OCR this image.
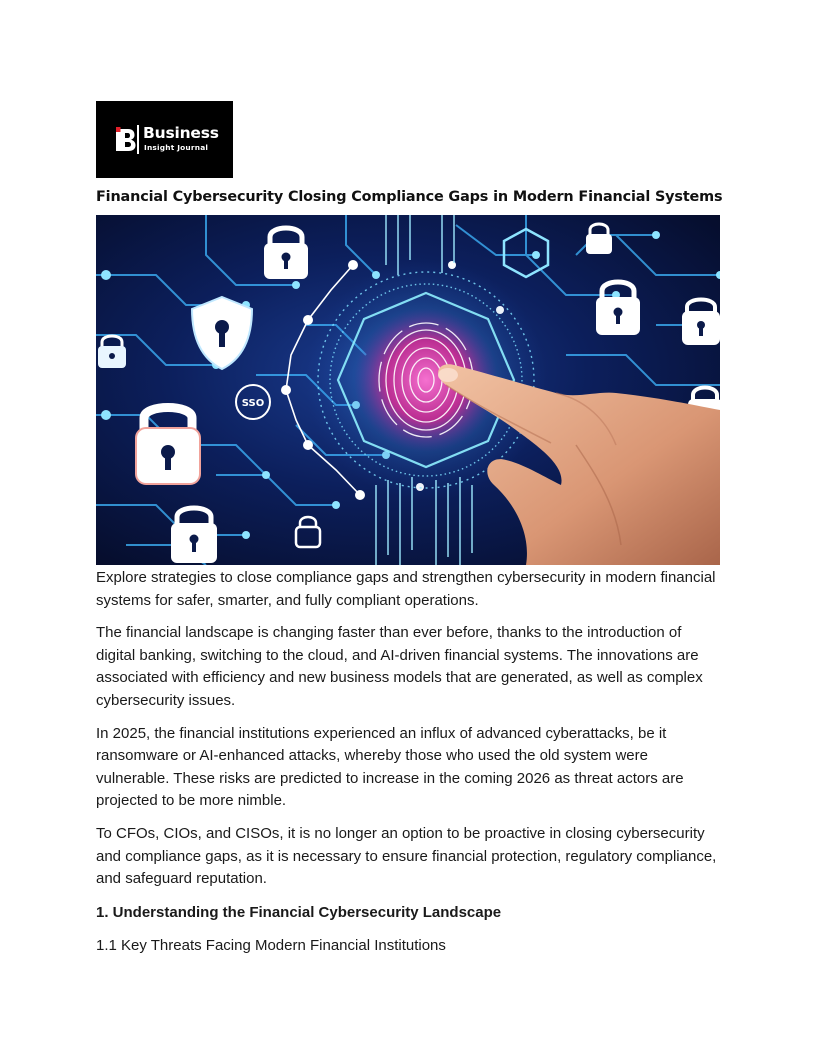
Business
Insight Journal
Financial Cybersecurity Closing Compliance Gaps in Modern Financial Systems
SSO

Explore strategies to close compliance gaps and strengthen cybersecurity in modern financial systems for safer, smarter, and fully compliant operations.

The financial landscape is changing faster than ever before, thanks to the introduction of digital banking, switching to the cloud, and AI-driven financial systems. The innovations are associated with efficiency and new business models that are generated, as well as complex cybersecurity issues.

In 2025, the financial institutions experienced an influx of advanced cyberattacks, be it ransomware or AI-enhanced attacks, whereby those who used the old system were vulnerable. These risks are predicted to increase in the coming 2026 as threat actors are projected to be more nimble.

To CFOs, CIOs, and CISOs, it is no longer an option to be proactive in closing cybersecurity and compliance gaps, as it is necessary to ensure financial protection, regulatory compliance, and safeguard reputation.

1. Understanding the Financial Cybersecurity Landscape
1.1 Key Threats Facing Modern Financial Institutions
